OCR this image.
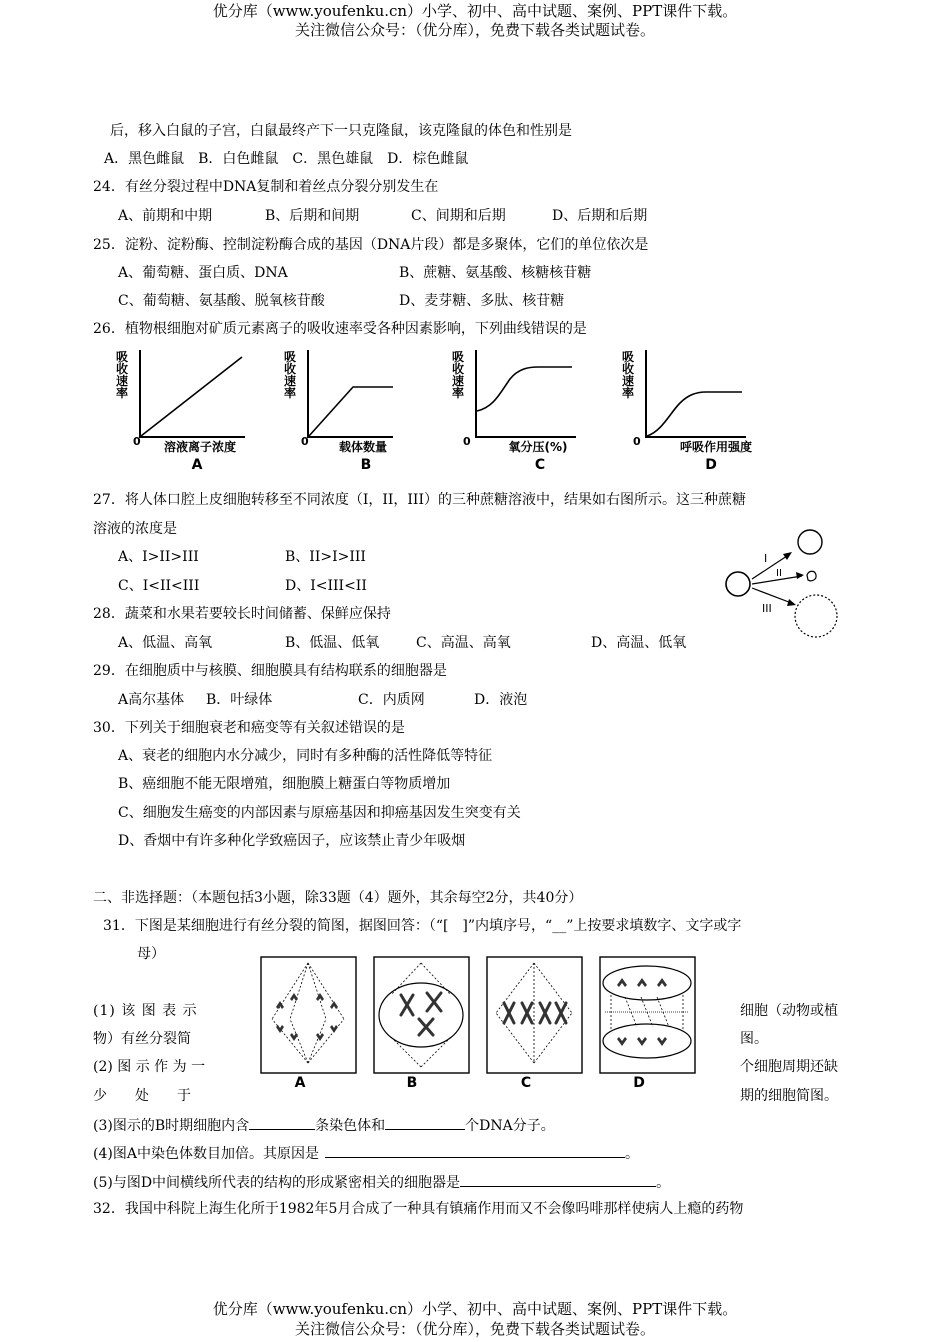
优分库（www.youfenku.cn）小学、初中、高中试题、案例、PPT课件下载。
关注微信公众号：（优分库），免费下载各类试题试卷。
后，移入白鼠的子宫，白鼠最终产下一只克隆鼠，该克隆鼠的体色和性别是
A．黑色雌鼠　B．白色雌鼠　C．黑色雄鼠　D．棕色雌鼠
24．有丝分裂过程中DNA复制和着丝点分裂分别发生在
A、前期和中期	B、后期和间期	C、间期和后期	D、后期和后期
25．淀粉、淀粉酶、控制淀粉酶合成的基因（DNA片段）都是多聚体，它们的单位依次是
A、葡萄糖、蛋白质、DNA	B、蔗糖、氨基酸、核糖核苷糖
C、葡萄糖、氨基酸、脱氧核苷酸	D、麦芽糖、多肽、核苷糖
26．植物根细胞对矿质元素离子的吸收速率受各种因素影响，下列曲线错误的是
吸
收
速
率
0 溶液离子浓度
A
吸
收
速
率
0	载体数量
B
吸
收
速
率
0	氧分压(%)
C
吸
收
速
率
0	呼吸作用强度
D
27．将人体口腔上皮细胞转移至不同浓度（I，II，III）的三种蔗糖溶液中，结果如右图所示。这三种蔗糖
溶液的浓度是
A、I>II>III	B、II>I>III
C、I<II<III	D、I<III<II
I
II
III
28．蔬菜和水果若要较长时间储蓄、保鲜应保持
A、低温、高氧	B、低温、低氧	C、高温、高氧	D、高温、低氧
29．在细胞质中与核膜、细胞膜具有结构联系的细胞器是
A高尔基体 B．叶绿体	C．内质网	D．液泡
30．下列关于细胞衰老和癌变等有关叙述错误的是
A、衰老的细胞内水分减少，同时有多种酶的活性降低等特征
B、癌细胞不能无限增殖，细胞膜上糖蛋白等物质增加
C、细胞发生癌变的内部因素与原癌基因和抑癌基因发生突变有关
D、香烟中有许多种化学致癌因子，应该禁止青少年吸烟
二、非选择题：（本题包括3小题，除33题（4）题外，其余每空2分，共40分）
31．下图是某细胞进行有丝分裂的简图，据图回答：（“[　]”内填序号，“__”上按要求填数字、文字或字
母）
A	B	C	D
(1) 该 图 表 示	细胞（动物或植
物）有丝分裂简	图。
(2) 图 示 作 为 一	个细胞周期还缺
少　　处　　于	期的细胞简图。
(3)图示的B时期细胞内含	条染色体和	个DNA分子。
(4)图A中染色体数目加倍。其原因是	。
(5)与图D中间横线所代表的结构的形成紧密相关的细胞器是	。
32．我国中科院上海生化所于1982年5月合成了一种具有镇痛作用而又不会像吗啡那样使病人上瘾的药物
优分库（www.youfenku.cn）小学、初中、高中试题、案例、PPT课件下载。
关注微信公众号：（优分库），免费下载各类试题试卷。
